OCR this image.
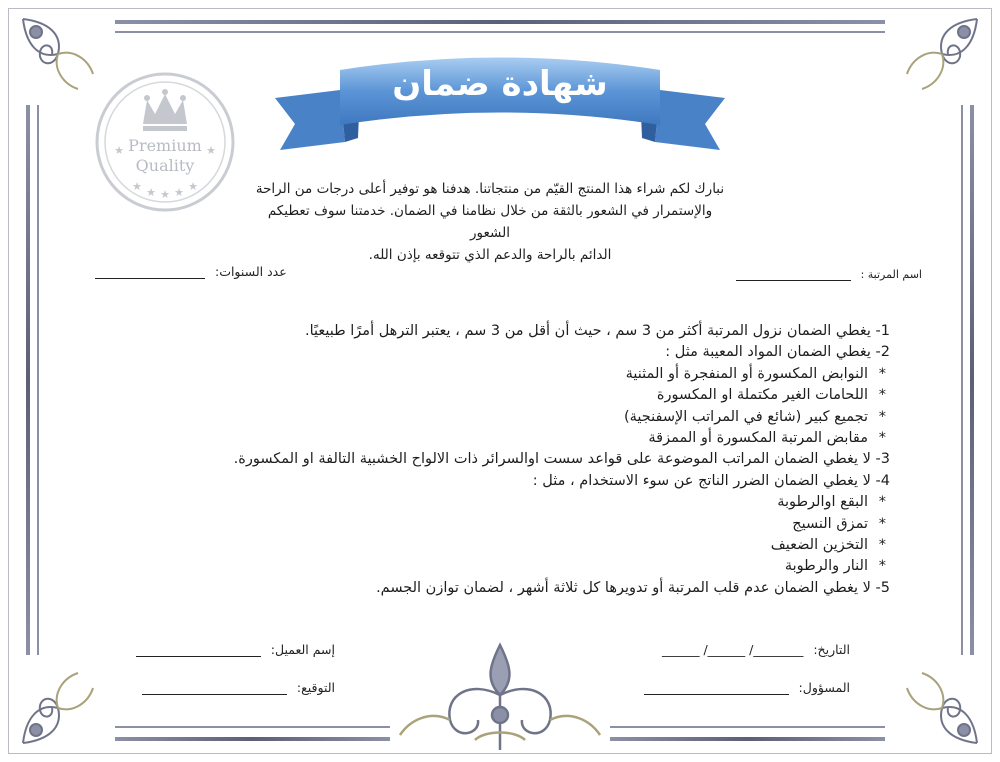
Premium
Quality
★ ★ ★ ★ ★
★	★
شهادة ضمان
نبارك لكم شراء هذا المنتج القيّم من منتجاتنا. هدفنا هو توفير أعلى درجات من الراحة
والإستمرار في الشعور بالثقة من خلال نظامنا في الضمان. خدمتنا سوف تعطيكم الشعور
الدائم بالراحة والدعم الذي تتوقعه بإذن الله.
اسم المرتبة :
عدد السنوات:
1- يغطي الضمان نزول المرتبة أكثر من 3 سم ، حيث أن أقل من 3 سم ، يعتبر الترهل أمرًا طبيعيًا.
2- يغطي الضمان المواد المعيبة مثل :
*النوابض المكسورة أو المنفجرة أو المثنية
*اللحامات الغير مكتملة او المكسورة
*تجميع كبير (شائع في المراتب الإسفنجية)
*مقابض المرتبة المكسورة أو الممزقة
3- لا يغطي الضمان المراتب الموضوعة على قواعد سست اوالسرائر ذات الالواح الخشبية التالفة او المكسورة.
4- لا يغطي الضمان الضرر الناتج عن سوء الاستخدام ، مثل :
*البقع اوالرطوبة
*تمزق النسيج
*التخزين الضعيف
*النار والرطوبة
5- لا يغطي الضمان عدم قلب المرتبة أو تدويرها كل ثلاثة أشهر ، لضمان توازن الجسم.
التاريخ: ________/ ______/ ______
المسؤول:
إسم العميل:
التوقيع:
